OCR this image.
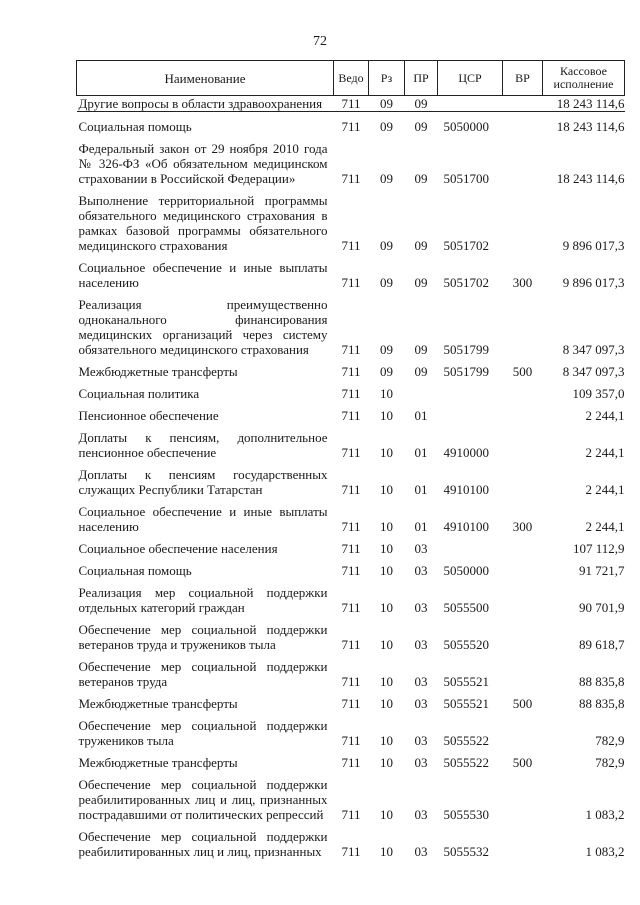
72
Наименование	Ведо	Рз	ПР	ЦСР	ВР	Кассовое исполнение
Другие вопросы в области здравоохранения	711	09	09			18 243 114,6

Социальная помощь	711	09	09	5050000		18 243 114,6

Федеральный закон от 29 ноября 2010 года № 326-ФЗ «Об обязательном медицинском страховании в Российской Федерации»	711	09	09	5051700		18 243 114,6

Выполнение территориальной программы обязательного медицинского страхования в рамках базовой программы обязательного медицинского страхования	711	09	09	5051702		9 896 017,3

Социальное обеспечение и иные выплаты населению	711	09	09	5051702	300	9 896 017,3

Реализация преимущественно одноканального финансирования медицинских организаций через систему обязательного медицинского страхования	711	09	09	5051799		8 347 097,3

Межбюджетные трансферты	711	09	09	5051799	500	8 347 097,3

Социальная политика	711	10				109 357,0

Пенсионное обеспечение	711	10	01			2 244,1

Доплаты к пенсиям, дополнительное пенсионное обеспечение	711	10	01	4910000		2 244,1

Доплаты к пенсиям государственных служащих Республики Татарстан	711	10	01	4910100		2 244,1

Социальное обеспечение и иные выплаты населению	711	10	01	4910100	300	2 244,1

Социальное обеспечение населения	711	10	03			107 112,9

Социальная помощь	711	10	03	5050000		91 721,7

Реализация мер социальной поддержки отдельных категорий граждан	711	10	03	5055500		90 701,9

Обеспечение мер социальной поддержки ветеранов труда и тружеников тыла	711	10	03	5055520		89 618,7

Обеспечение мер социальной поддержки ветеранов труда	711	10	03	5055521		88 835,8

Межбюджетные трансферты	711	10	03	5055521	500	88 835,8

Обеспечение мер социальной поддержки тружеников тыла	711	10	03	5055522		782,9

Межбюджетные трансферты	711	10	03	5055522	500	782,9

Обеспечение мер социальной поддержки реабилитированных лиц и лиц, признанных пострадавшими от политических репрессий	711	10	03	5055530		1 083,2

Обеспечение мер социальной поддержки реабилитированных лиц и лиц, признанных	711	10	03	5055532		1 083,2
